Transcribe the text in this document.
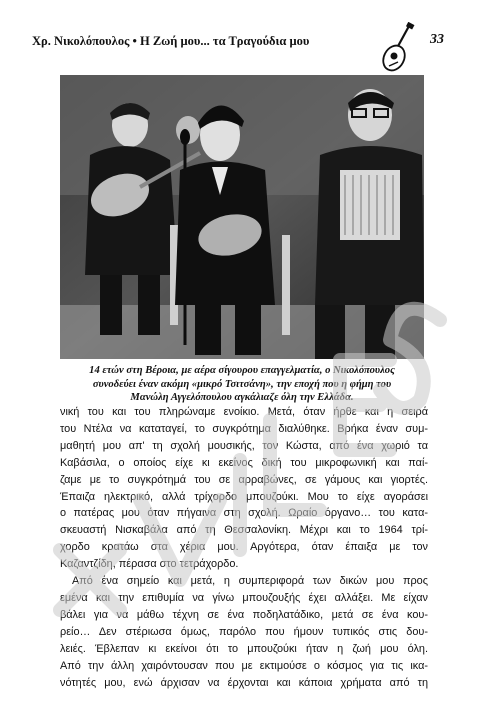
Χρ. Νικολόπουλος • Η Ζωή μου... τα Τραγούδια μου	33
14 ετών στη Βέροια, με αέρα σίγουρου επαγγελματία, ο Νικολόπουλος
συνοδεύει έναν ακόμη «μικρό Τσιτσάνη», την εποχή που η φήμη του
Μανώλη Αγγελόπουλου αγκάλιαζε όλη την Ελλάδα.
νική του και του πληρώναμε ενοίκιο. Μετά, όταν ήρθε και η σειρά
του Ντέλα να καταταγεί, το συγκρότημα διαλύθηκε. Βρήκα έναν συμ-
μαθητή μου απ' τη σχολή μουσικής, τον Κώστα, από ένα χωριό τα
Καβάσιλα, ο οποίος είχε κι εκείνος δική του μικροφωνική και παί-
ζαμε με το συγκρότημά του σε αρραβώνες, σε γάμους και γιορτές.
Έπαιζα ηλεκτρικό, αλλά τρίχορδο μπουζούκι. Μου το είχε αγοράσει
ο πατέρας μου όταν πήγαινα στη σχολή. Ωραίο όργανο… του κατα-
σκευαστή Νισκαβάλα από τη Θεσσαλονίκη. Μέχρι και το 1964 τρί-
χορδο κρατάω στα χέρια μου. Αργότερα, όταν έπαιξα με τον
Καζαντζίδη, πέρασα στο τετράχορδο.
Από ένα σημείο και μετά, η συμπεριφορά των δικών μου προς
εμένα και την επιθυμία να γίνω μπουζουξής έχει αλλάξει. Με είχαν
βάλει για να μάθω τέχνη σε ένα ποδηλατάδικο, μετά σε ένα κου-
ρείο… Δεν στέριωσα όμως, παρόλο που ήμουν τυπικός στις δου-
λειές. Έβλεπαν κι εκείνοι ότι το μπουζούκι ήταν η ζωή μου όλη.
Από την άλλη χαιρόντουσαν που με εκτιμούσε ο κόσμος για τις ικα-
νότητές μου, ενώ άρχισαν να έρχονται και κάποια χρήματα από τη
